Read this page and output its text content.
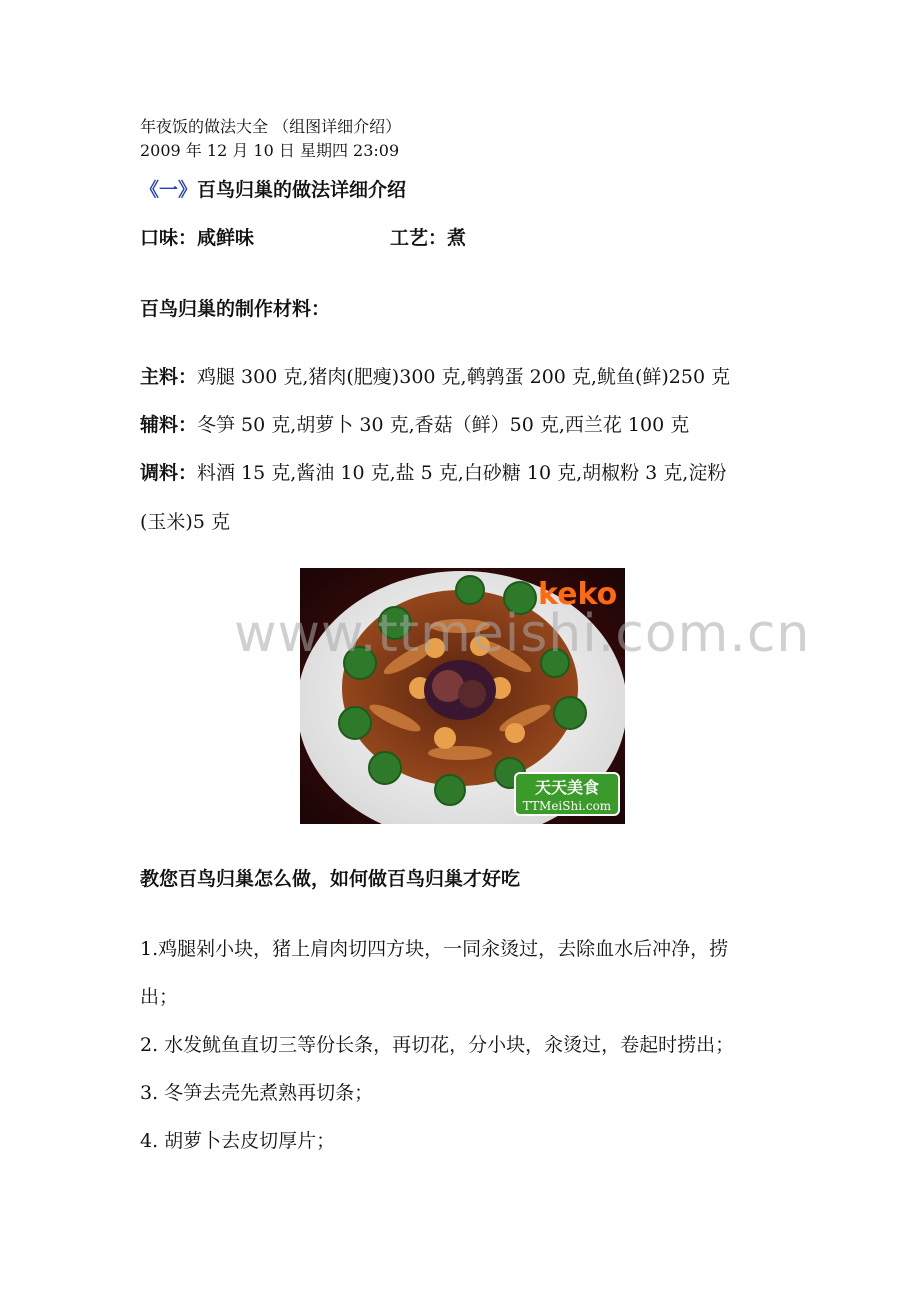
年夜饭的做法大全 （组图详细介绍）
2009 年 12 月 10 日 星期四 23:09
《一》百鸟归巢的做法详细介绍
口味：咸鲜味	工艺：煮
百鸟归巢的制作材料：
主料：鸡腿 300 克,猪肉(肥瘦)300 克,鹌鹑蛋 200 克,鱿鱼(鲜)250 克
辅料：冬笋 50 克,胡萝卜 30 克,香菇（鲜）50 克,西兰花 100 克
调料：料酒 15 克,酱油 10 克,盐 5 克,白砂糖 10 克,胡椒粉 3 克,淀粉
(玉米)5 克
keko
天天美食
TTMeiShi.com
www.ttmeishi.com.cn
教您百鸟归巢怎么做，如何做百鸟归巢才好吃
1.鸡腿剁小块，猪上肩肉切四方块，一同汆烫过，去除血水后冲净，捞
出；
2. 水发鱿鱼直切三等份长条，再切花，分小块，汆烫过，卷起时捞出；
3. 冬笋去壳先煮熟再切条；
4. 胡萝卜去皮切厚片；
